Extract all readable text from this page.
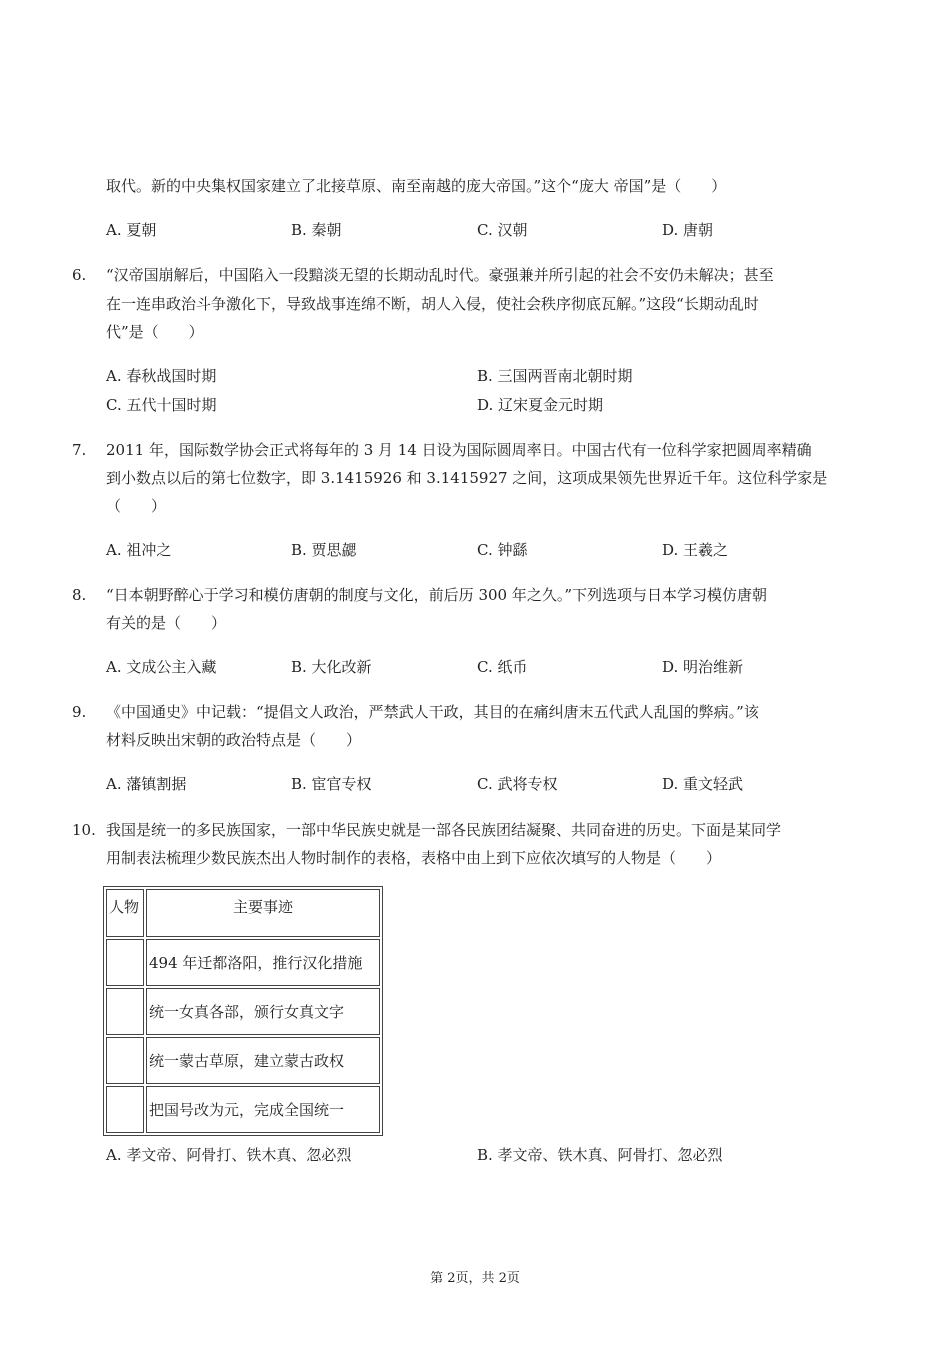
取代。新的中央集权国家建立了北接草原、南至南越的庞大帝国。”这个“庞大 帝国”是（　　）
A. 夏朝	B. 秦朝	C. 汉朝	D. 唐朝
6. “汉帝国崩解后，中国陷入一段黯淡无望的长期动乱时代。豪强兼并所引起的社会不安仍未解决；甚至
在一连串政治斗争激化下，导致战事连绵不断，胡人入侵，使社会秩序彻底瓦解。”这段“长期动乱时
代”是（　　）
A. 春秋战国时期	B. 三国两晋南北朝时期
C. 五代十国时期	D. 辽宋夏金元时期
7. 2011 年，国际数学协会正式将每年的 3 月 14 日设为国际圆周率日。中国古代有一位科学家把圆周率精确
到小数点以后的第七位数字，即 3.1415926 和 3.1415927 之间，这项成果领先世界近千年。这位科学家是
（　　）
A. 祖冲之	B. 贾思勰	C. 钟繇	D. 王羲之
8. “日本朝野醉心于学习和模仿唐朝的制度与文化，前后历 300 年之久。”下列选项与日本学习模仿唐朝
有关的是（　　）
A. 文成公主入藏	B. 大化改新	C. 纸币	D. 明治维新
9. 《中国通史》中记载：“提倡文人政治，严禁武人干政，其目的在痛纠唐末五代武人乱国的弊病。”该
材料反映出宋朝的政治特点是（　　）
A. 藩镇割据	B. 宦官专权	C. 武将专权	D. 重文轻武
10. 我国是统一的多民族国家，一部中华民族史就是一部各民族团结凝聚、共同奋进的历史。下面是某同学
用制表法梳理少数民族杰出人物时制作的表格，表格中由上到下应依次填写的人物是（　　）
人物	主要事迹
	494 年迁都洛阳，推行汉化措施
	统一女真各部，颁行女真文字
	统一蒙古草原，建立蒙古政权
	把国号改为元，完成全国统一
A. 孝文帝、阿骨打、铁木真、忽必烈	B. 孝文帝、铁木真、阿骨打、忽必烈
第 2页，共 2页
